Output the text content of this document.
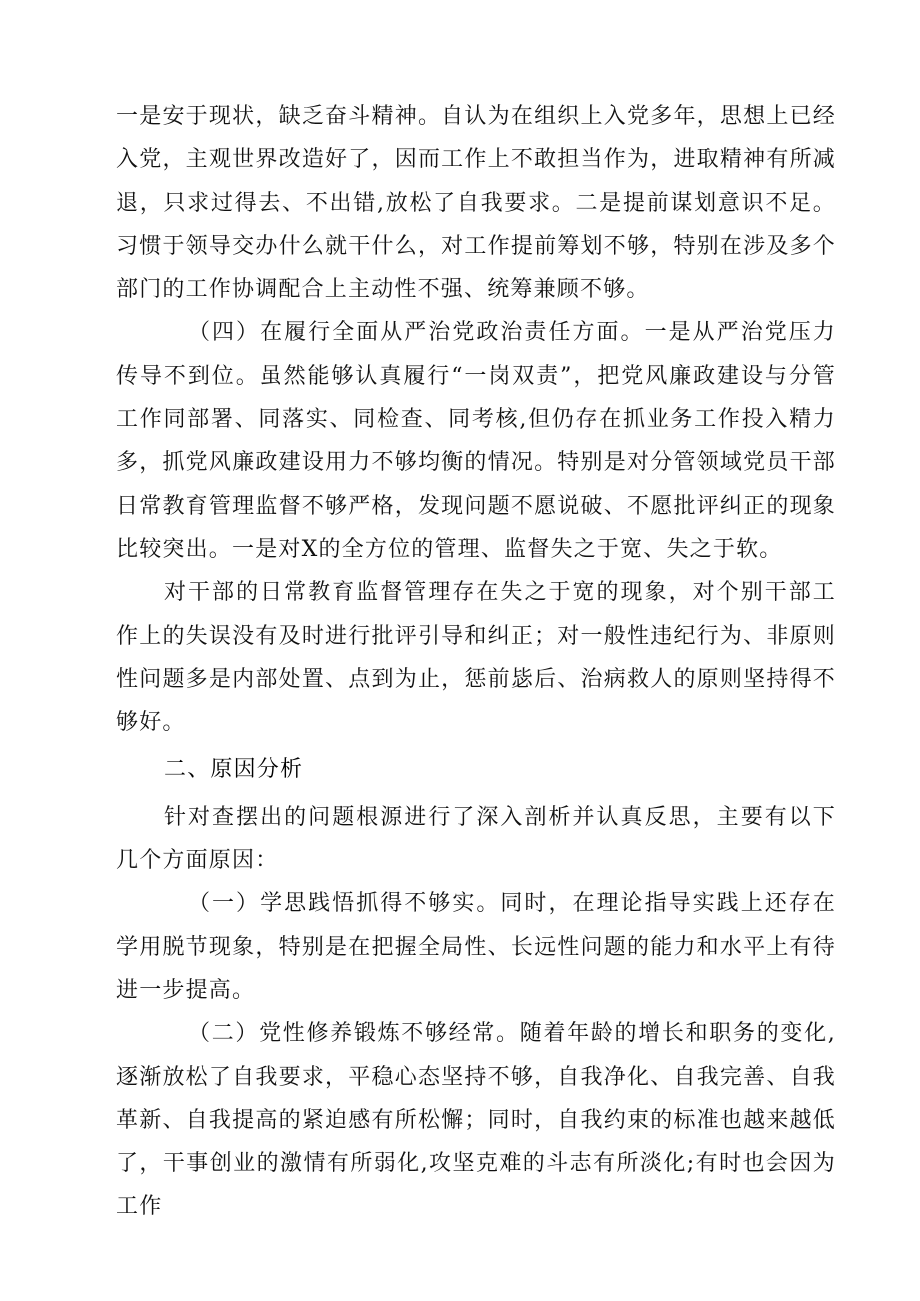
一是安于现状，缺乏奋斗精神。自认为在组织上入党多年，思想上已经入党，主观世界改造好了，因而工作上不敢担当作为，进取精神有所减退，只求过得去、不出错,放松了自我要求。二是提前谋划意识不足。习惯于领导交办什么就干什么，对工作提前筹划不够，特别在涉及多个部门的工作协调配合上主动性不强、统筹兼顾不够。

（四）在履行全面从严治党政治责任方面。一是从严治党压力传导不到位。虽然能够认真履行“一岗双责”，把党风廉政建设与分管工作同部署、同落实、同检查、同考核,但仍存在抓业务工作投入精力多，抓党风廉政建设用力不够均衡的情况。特别是对分管领域党员干部日常教育管理监督不够严格，发现问题不愿说破、不愿批评纠正的现象比较突出。一是对X的全方位的管理、监督失之于宽、失之于软。

对干部的日常教育监督管理存在失之于宽的现象，对个别干部工作上的失误没有及时进行批评引导和纠正；对一般性违纪行为、非原则性问题多是内部处置、点到为止，惩前毖后、治病救人的原则坚持得不够好。

二、原因分析

针对查摆出的问题根源进行了深入剖析并认真反思，主要有以下几个方面原因：

（一）学思践悟抓得不够实。同时，在理论指导实践上还存在学用脱节现象，特别是在把握全局性、长远性问题的能力和水平上有待进一步提高。

（二）党性修养锻炼不够经常。随着年龄的增长和职务的变化,逐渐放松了自我要求，平稳心态坚持不够，自我净化、自我完善、自我革新、自我提高的紧迫感有所松懈；同时，自我约束的标准也越来越低了，干事创业的激情有所弱化,攻坚克难的斗志有所淡化;有时也会因为工作
